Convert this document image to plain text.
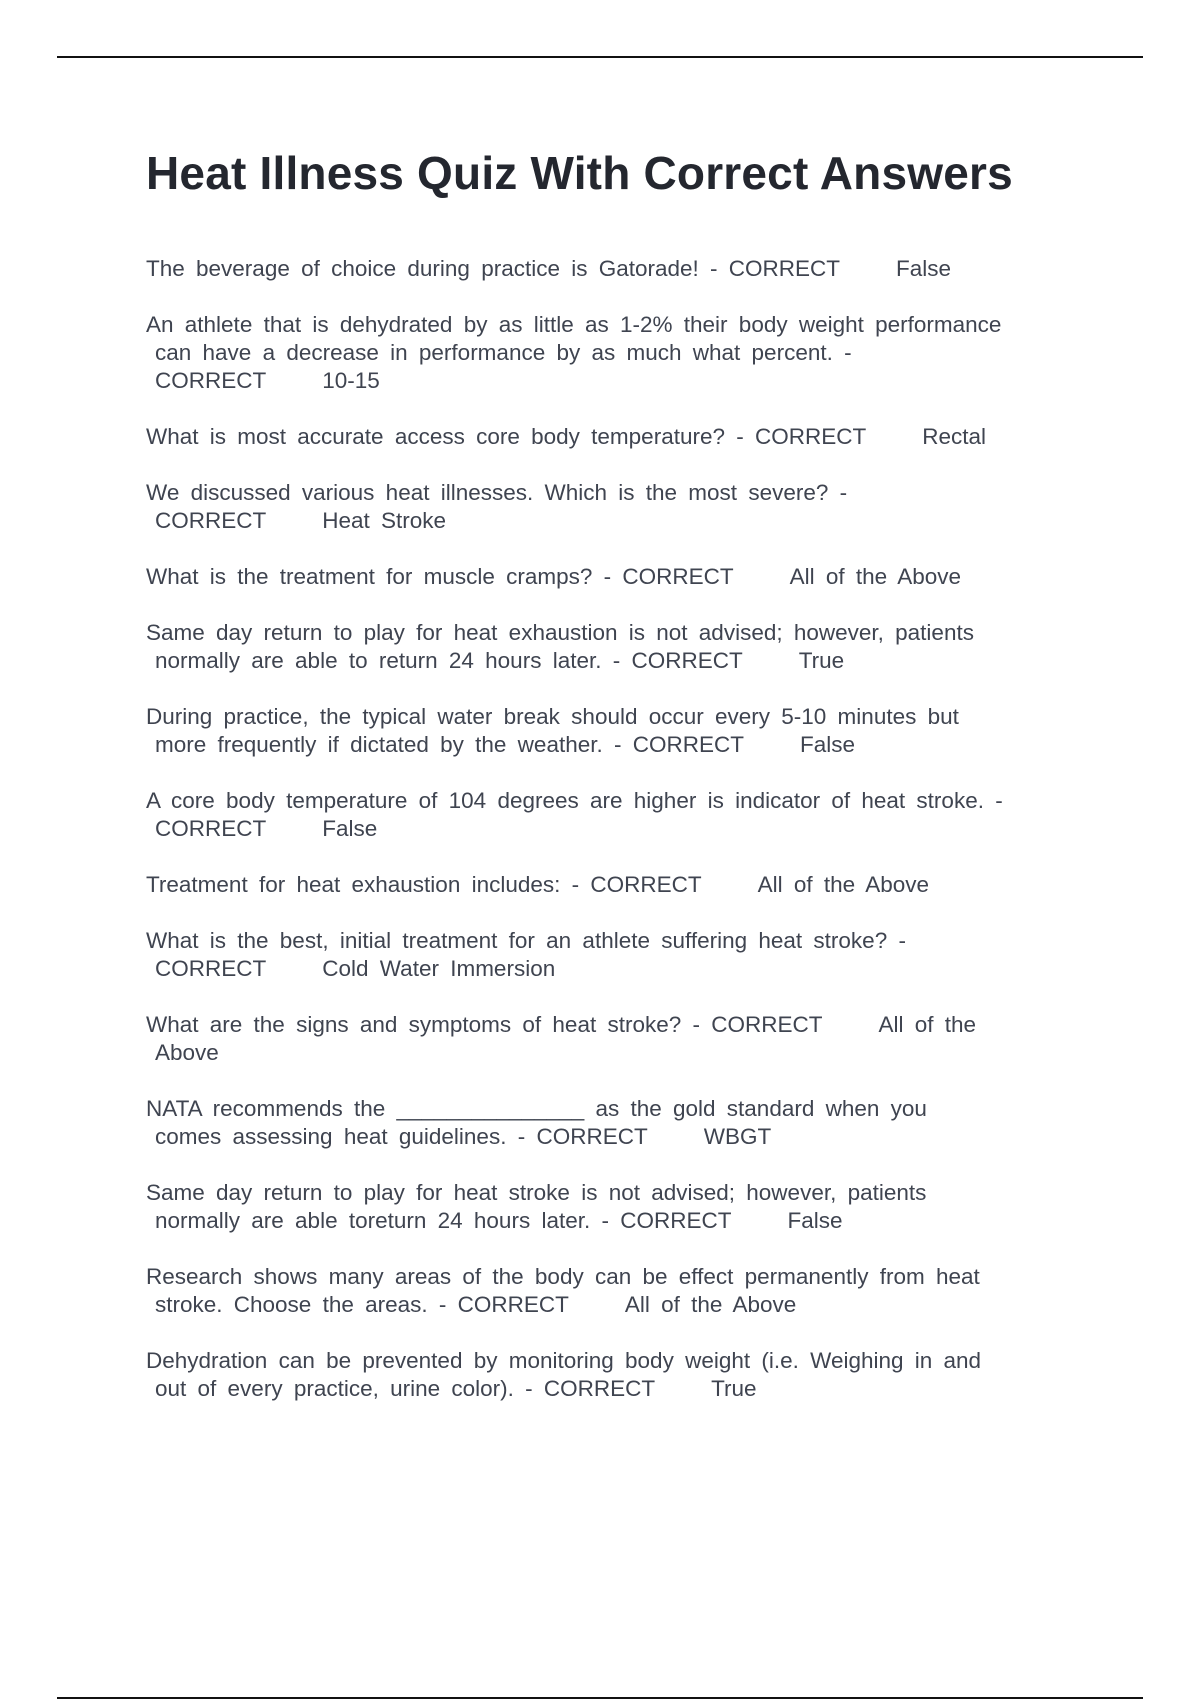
Heat Illness Quiz With Correct Answers
The beverage of choice during practice is Gatorade! - CORRECT False
An athlete that is dehydrated by as little as 1-2% their body weight performance
can have a decrease in performance by as much what percent. -
CORRECT 10-15
What is most accurate access core body temperature? - CORRECT Rectal
We discussed various heat illnesses. Which is the most severe? -
CORRECT Heat Stroke
What is the treatment for muscle cramps? - CORRECT All of the Above
Same day return to play for heat exhaustion is not advised; however, patients
normally are able to return 24 hours later. - CORRECT True
During practice, the typical water break should occur every 5-10 minutes but
more frequently if dictated by the weather. - CORRECT False
A core body temperature of 104 degrees are higher is indicator of heat stroke. -
CORRECT False
Treatment for heat exhaustion includes: - CORRECT All of the Above
What is the best, initial treatment for an athlete suffering heat stroke? -
CORRECT Cold Water Immersion
What are the signs and symptoms of heat stroke? - CORRECT All of the
Above
NATA recommends the _______________ as the gold standard when you
comes assessing heat guidelines. - CORRECT WBGT
Same day return to play for heat stroke is not advised; however, patients
normally are able toreturn 24 hours later. - CORRECT False
Research shows many areas of the body can be effect permanently from heat
stroke. Choose the areas. - CORRECT All of the Above
Dehydration can be prevented by monitoring body weight (i.e. Weighing in and
out of every practice, urine color). - CORRECT True
